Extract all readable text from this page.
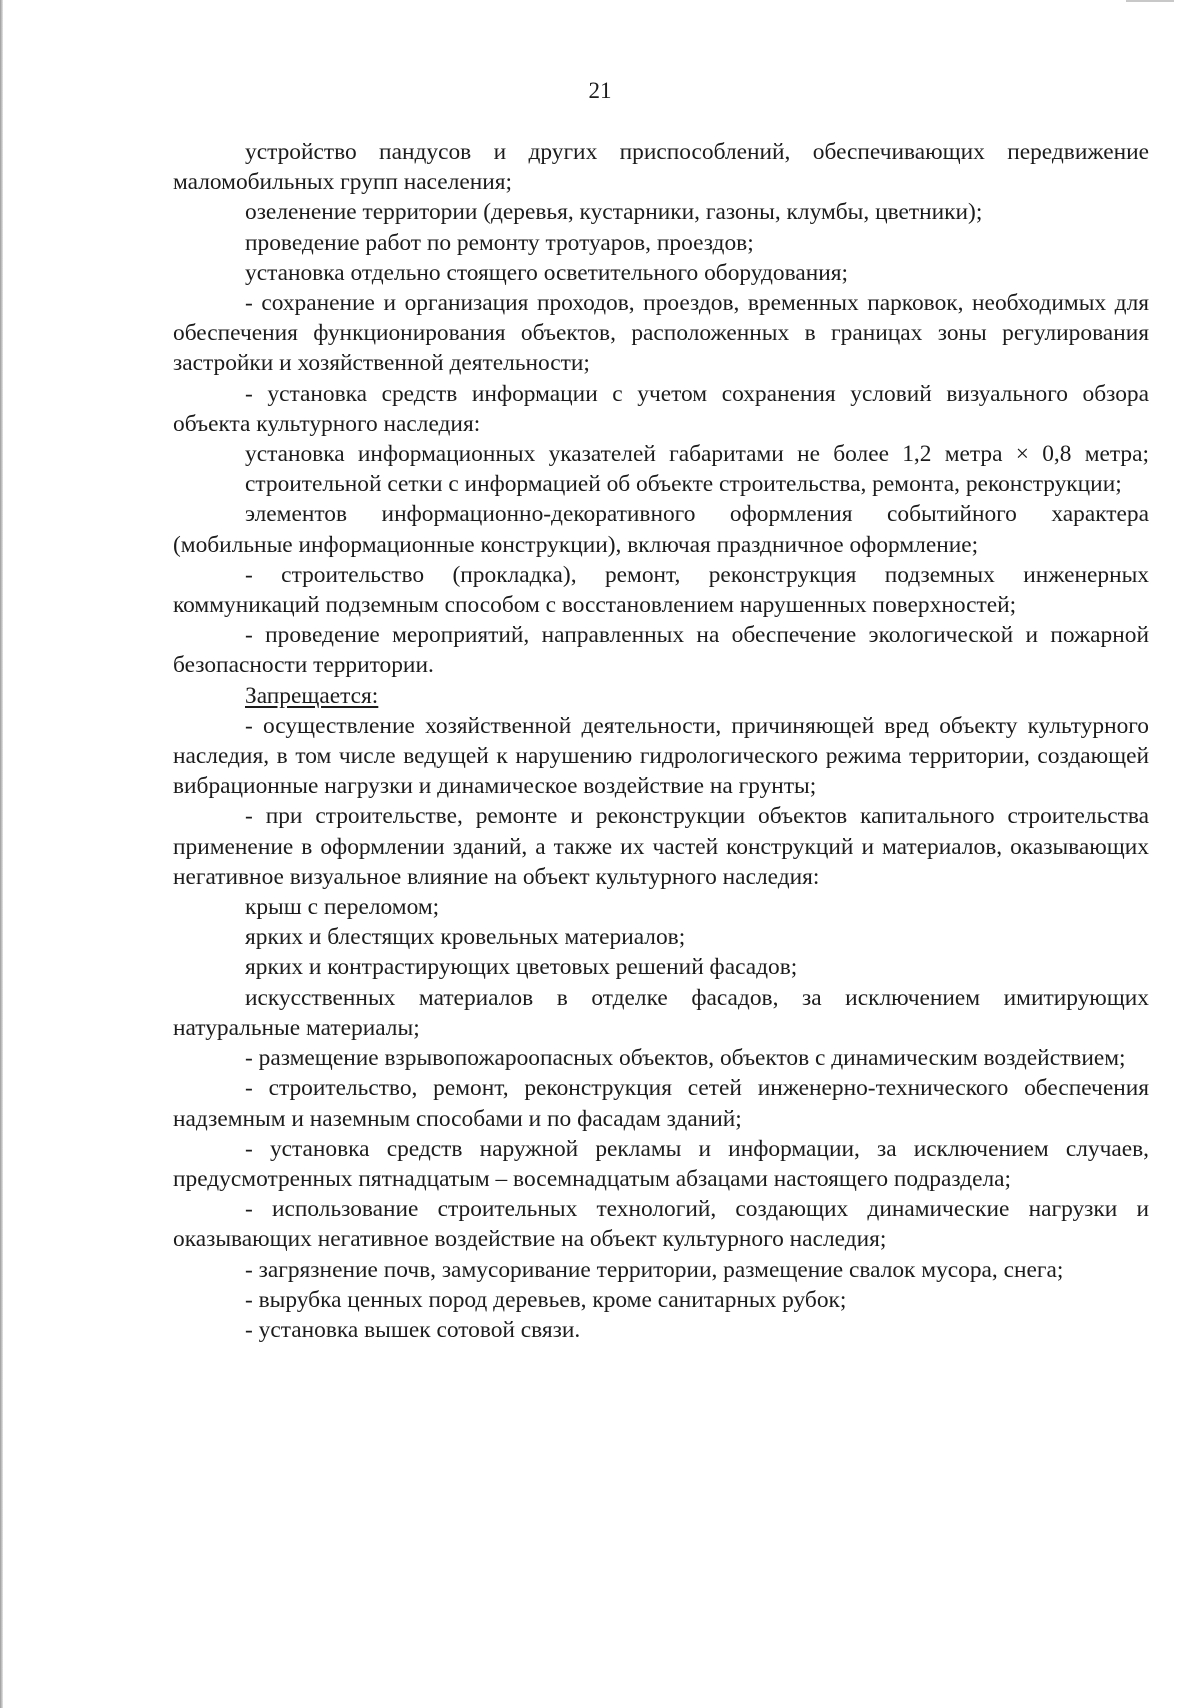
21

устройство пандусов и других приспособлений, обеспечивающих передвижение маломобильных групп населения;

озеленение территории (деревья, кустарники, газоны, клумбы, цветники);

проведение работ по ремонту тротуаров, проездов;

установка отдельно стоящего осветительного оборудования;

- сохранение и организация проходов, проездов, временных парковок, необходимых для обеспечения функционирования объектов, расположенных в границах зоны регулирования застройки и хозяйственной деятельности;

- установка средств информации с учетом сохранения условий визуального обзора объекта культурного наследия:

установка информационных указателей габаритами не более 1,2 метра × 0,8 метра;

строительной сетки с информацией об объекте строительства, ремонта, реконструкции;

элементов информационно-декоративного оформления событийного характера (мобильные информационные конструкции), включая праздничное оформление;

- строительство (прокладка), ремонт, реконструкция подземных инженерных коммуникаций подземным способом с восстановлением нарушенных поверхностей;

- проведение мероприятий, направленных на обеспечение экологической и пожарной безопасности территории.

Запрещается:

- осуществление хозяйственной деятельности, причиняющей вред объекту культурного наследия, в том числе ведущей к нарушению гидрологического режима территории, создающей вибрационные нагрузки и динамическое воздействие на грунты;

- при строительстве, ремонте и реконструкции объектов капитального строительства применение в оформлении зданий, а также их частей конструкций и материалов, оказывающих негативное визуальное влияние на объект культурного наследия:

крыш с переломом;

ярких и блестящих кровельных материалов;

ярких и контрастирующих цветовых решений фасадов;

искусственных материалов в отделке фасадов, за исключением имитирующих натуральные материалы;

- размещение взрывопожароопасных объектов, объектов с динамическим воздействием;

- строительство, ремонт, реконструкция сетей инженерно-технического обеспечения надземным и наземным способами и по фасадам зданий;

- установка средств наружной рекламы и информации, за исключением случаев, предусмотренных пятнадцатым – восемнадцатым абзацами настоящего подраздела;

- использование строительных технологий, создающих динамические нагрузки и оказывающих негативное воздействие на объект культурного наследия;

- загрязнение почв, замусоривание территории, размещение свалок мусора, снега;

- вырубка ценных пород деревьев, кроме санитарных рубок;

- установка вышек сотовой связи.
